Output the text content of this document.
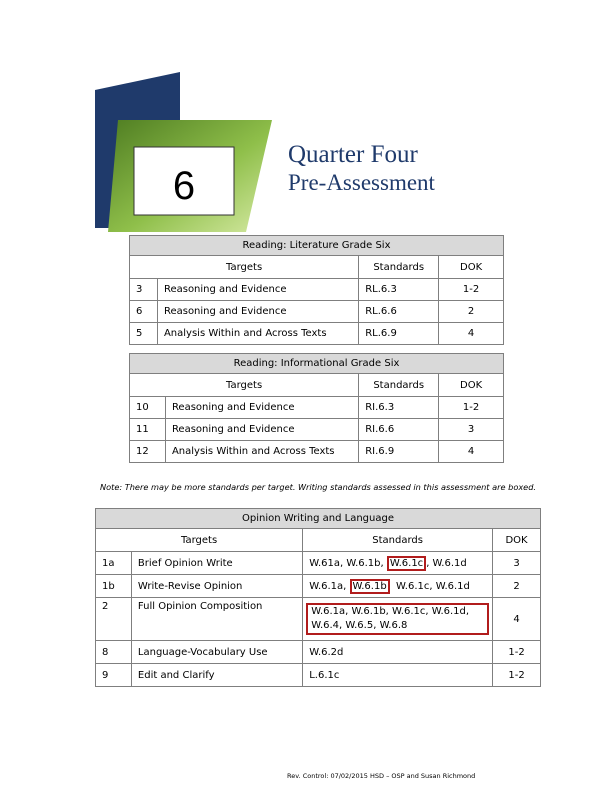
6
Quarter Four
Pre-Assessment
Reading: Literature Grade Six			
Targets		Standards	DOK
3	Reasoning and Evidence	RL.6.3	1-2
6	Reasoning and Evidence	RL.6.6	2
5	Analysis Within and Across Texts	RL.6.9	4
Reading: Informational Grade Six			
Targets		Standards	DOK
10	Reasoning and Evidence	RI.6.3	1-2
11	Reasoning and Evidence	RI.6.6	3
12	Analysis Within and Across Texts	RI.6.9	4
Note: There may be more standards per target. Writing standards assessed in this assessment are boxed.
Opinion Writing and Language			
Targets		Standards	DOK
1a	Brief Opinion Write	W.61a, W.6.1b, W.6.1c , W.6.1d	3
1b	Write-Revise Opinion	W.6.1a, W.6.1b  W.6.1c, W.6.1d	2
2	Full Opinion Composition	W.6.1a, W.6.1b, W.6.1c, W.6.1d,
W.6.4, W.6.5, W.6.8	4
8	Language-Vocabulary Use	W.6.2d	1-2
9	Edit and Clarify	L.6.1c	1-2
Rev. Control: 07/02/2015 HSD – OSP and Susan Richmond
